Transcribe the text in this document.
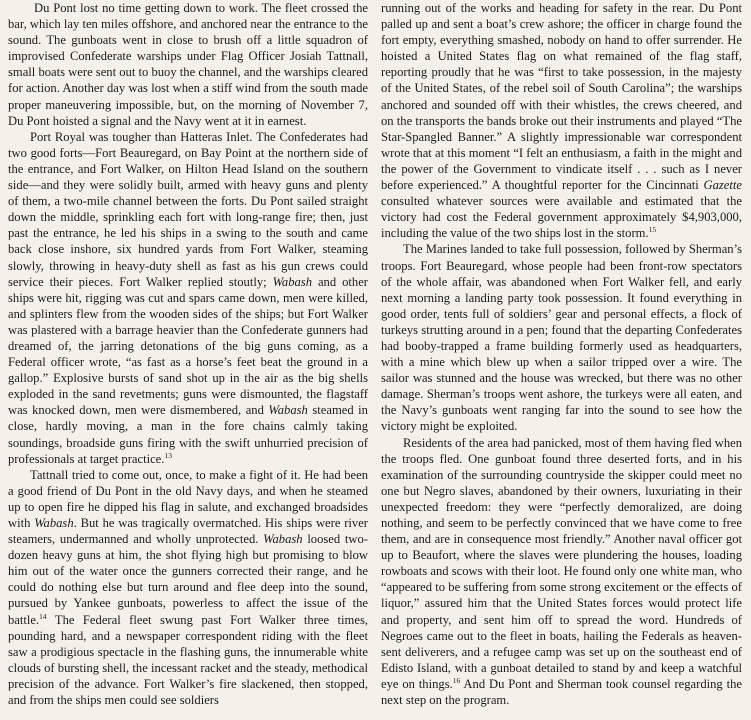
Du Pont lost no time getting down to work. The fleet crossed the bar, which lay ten miles offshore, and anchored near the entrance to the sound. The gunboats went in close to brush off a little squadron of improvised Confederate warships under Flag Officer Josiah Tattnall, small boats were sent out to buoy the channel, and the warships cleared for action. Another day was lost when a stiff wind from the south made proper maneuvering impossible, but, on the morning of November 7, Du Pont hoisted a signal and the Navy went at it in earnest.

Port Royal was tougher than Hatteras Inlet. The Confederates had two good forts—Fort Beauregard, on Bay Point at the northern side of the entrance, and Fort Walker, on Hilton Head Island on the southern side—and they were solidly built, armed with heavy guns and plenty of them, a two-mile channel between the forts. Du Pont sailed straight down the middle, sprinkling each fort with long-range fire; then, just past the entrance, he led his ships in a swing to the south and came back close inshore, six hundred yards from Fort Walker, steaming slowly, throwing in heavy-duty shell as fast as his gun crews could service their pieces. Fort Walker replied stoutly; Wabash and other ships were hit, rigging was cut and spars came down, men were killed, and splinters flew from the wooden sides of the ships; but Fort Walker was plastered with a barrage heavier than the Confederate gunners had dreamed of, the jarring detonations of the big guns coming, as a Federal officer wrote, “as fast as a horse’s feet beat the ground in a gallop.” Explosive bursts of sand shot up in the air as the big shells exploded in the sand revetments; guns were dismounted, the flagstaff was knocked down, men were dismembered, and Wabash steamed in close, hardly moving, a man in the fore chains calmly taking soundings, broadside guns firing with the swift unhurried precision of professionals at target practice.$^{13}$

Tattnall tried to come out, once, to make a fight of it. He had been a good friend of Du Pont in the old Navy days, and when he steamed up to open fire he dipped his flag in salute, and exchanged broadsides with Wabash. But he was tragically overmatched. His ships were river steamers, undermanned and wholly unprotected. Wabash loosed two-dozen heavy guns at him, the shot flying high but promising to blow him out of the water once the gunners corrected their range, and he could do nothing else but turn around and flee deep into the sound, pursued by Yankee gunboats, powerless to affect the issue of the battle.$^{14}$ The Federal fleet swung past Fort Walker three times, pounding hard, and a newspaper correspondent riding with the fleet saw a prodigious spectacle in the flashing guns, the innumerable white clouds of bursting shell, the incessant racket and the steady, methodical precision of the advance. Fort Walker’s fire slackened, then stopped, and from the ships men could see soldiers

running out of the works and heading for safety in the rear. Du Pont palled up and sent a boat’s crew ashore; the officer in charge found the fort empty, everything smashed, nobody on hand to offer surrender. He hoisted a United States flag on what remained of the flag staff, reporting proudly that he was “first to take possession, in the majesty of the United States, of the rebel soil of South Carolina”; the warships anchored and sounded off with their whistles, the crews cheered, and on the transports the bands broke out their instruments and played “The Star-Spangled Banner.” A slightly impressionable war correspondent wrote that at this moment “I felt an enthusiasm, a faith in the might and the power of the Government to vindicate itself . . . such as I never before experienced.” A thoughtful reporter for the Cincinnati Gazette consulted whatever sources were available and estimated that the victory had cost the Federal government approximately $4,903,000, including the value of the two ships lost in the storm.$^{15}$

The Marines landed to take full possession, followed by Sherman’s troops. Fort Beauregard, whose people had been front-row spectators of the whole affair, was abandoned when Fort Walker fell, and early next morning a landing party took possession. It found everything in good order, tents full of soldiers’ gear and personal effects, a flock of turkeys strutting around in a pen; found that the departing Confederates had booby-trapped a frame building formerly used as headquarters, with a mine which blew up when a sailor tripped over a wire. The sailor was stunned and the house was wrecked, but there was no other damage. Sherman’s troops went ashore, the turkeys were all eaten, and the Navy’s gunboats went ranging far into the sound to see how the victory might be exploited.

Residents of the area had panicked, most of them having fled when the troops fled. One gunboat found three deserted forts, and in his examination of the surrounding countryside the skipper could meet no one but Negro slaves, abandoned by their owners, luxuriating in their unexpected freedom: they were “perfectly demoralized, are doing nothing, and seem to be perfectly convinced that we have come to free them, and are in consequence most friendly.” Another naval officer got up to Beaufort, where the slaves were plundering the houses, loading rowboats and scows with their loot. He found only one white man, who “appeared to be suffering from some strong excitement or the effects of liquor,” assured him that the United States forces would protect life and property, and sent him off to spread the word. Hundreds of Negroes came out to the fleet in boats, hailing the Federals as heaven-sent deliverers, and a refugee camp was set up on the southeast end of Edisto Island, with a gunboat detailed to stand by and keep a watchful eye on things.$^{16}$ And Du Pont and Sherman took counsel regarding the next step on the program.
